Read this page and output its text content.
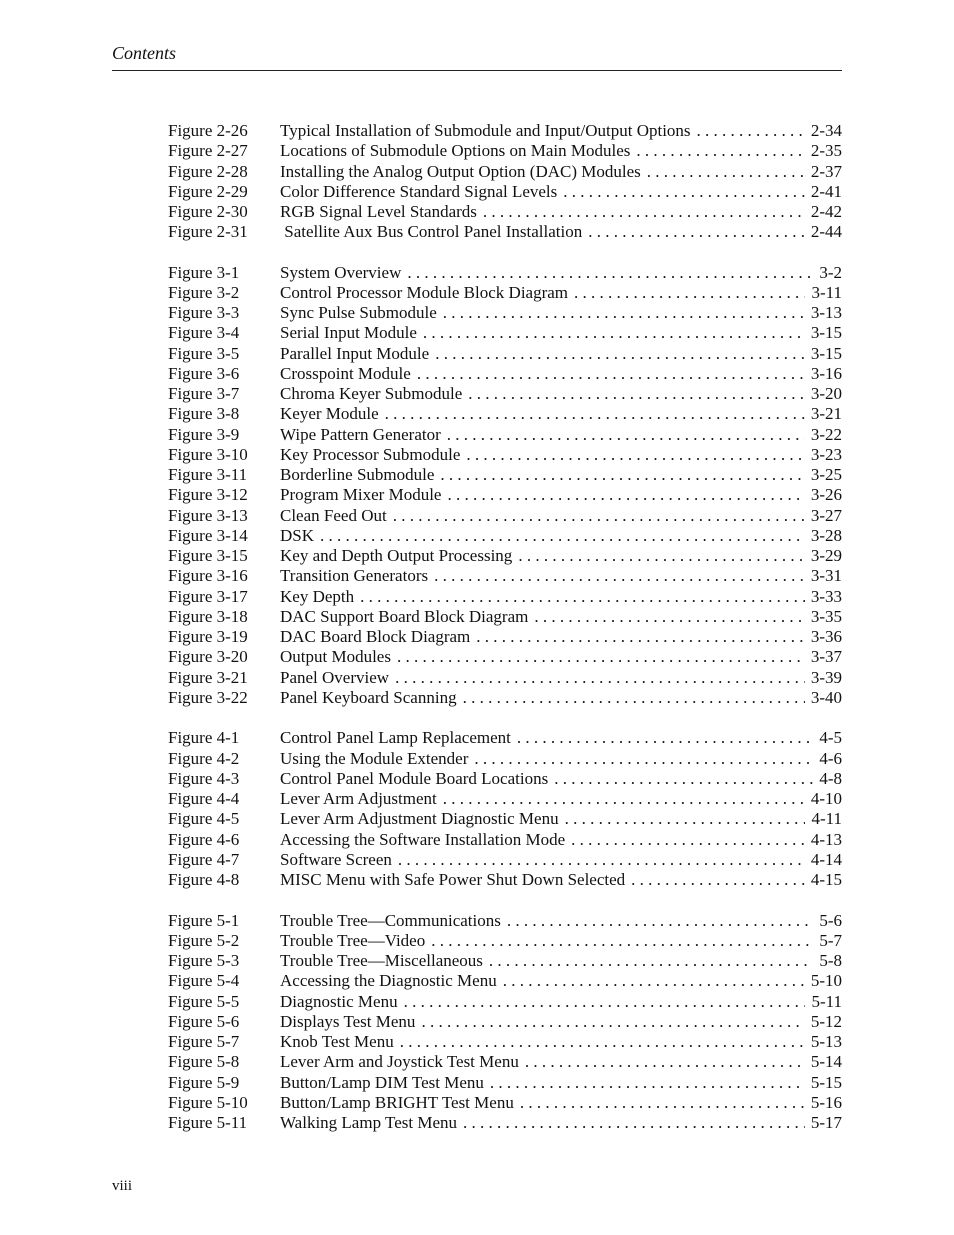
Contents
Figure 2-26	Typical Installation of Submodule and Input/Output Options . . .	2-34
Figure 2-27	Locations of Submodule Options on Main Modules . . .	2-35
Figure 2-28	Installing the Analog Output Option (DAC) Modules . . .	2-37
Figure 2-29	Color Difference Standard Signal Levels . . .	2-41
Figure 2-30	RGB Signal Level Standards . . .	2-42
Figure 2-31	Satellite Aux Bus Control Panel Installation . . .	2-44
Figure 3-1	System Overview . . .	3-2
Figure 3-2	Control Processor Module Block Diagram . . .	3-11
Figure 3-3	Sync Pulse Submodule . . .	3-13
Figure 3-4	Serial Input Module . . .	3-15
Figure 3-5	Parallel Input Module . . .	3-15
Figure 3-6	Crosspoint Module . . .	3-16
Figure 3-7	Chroma Keyer Submodule . . .	3-20
Figure 3-8	Keyer Module . . .	3-21
Figure 3-9	Wipe Pattern Generator . . .	3-22
Figure 3-10	Key Processor Submodule . . .	3-23
Figure 3-11	Borderline Submodule . . .	3-25
Figure 3-12	Program Mixer Module . . .	3-26
Figure 3-13	Clean Feed Out . . .	3-27
Figure 3-14	DSK . . .	3-28
Figure 3-15	Key and Depth Output Processing . . .	3-29
Figure 3-16	Transition Generators . . .	3-31
Figure 3-17	Key Depth . . .	3-33
Figure 3-18	DAC Support Board Block Diagram . . .	3-35
Figure 3-19	DAC Board Block Diagram . . .	3-36
Figure 3-20	Output Modules . . .	3-37
Figure 3-21	Panel Overview . . .	3-39
Figure 3-22	Panel Keyboard Scanning . . .	3-40
Figure 4-1	Control Panel Lamp Replacement . . .	4-5
Figure 4-2	Using the Module Extender . . .	4-6
Figure 4-3	Control Panel Module Board Locations . . .	4-8
Figure 4-4	Lever Arm Adjustment . . .	4-10
Figure 4-5	Lever Arm Adjustment Diagnostic Menu . . .	4-11
Figure 4-6	Accessing the Software Installation Mode . . .	4-13
Figure 4-7	Software Screen . . .	4-14
Figure 4-8	MISC Menu with Safe Power Shut Down Selected . . .	4-15
Figure 5-1	Trouble Tree—Communications . . .	5-6
Figure 5-2	Trouble Tree—Video . . .	5-7
Figure 5-3	Trouble Tree—Miscellaneous . . .	5-8
Figure 5-4	Accessing the Diagnostic Menu . . .	5-10
Figure 5-5	Diagnostic Menu . . .	5-11
Figure 5-6	Displays Test Menu . . .	5-12
Figure 5-7	Knob Test Menu . . .	5-13
Figure 5-8	Lever Arm and Joystick Test Menu . . .	5-14
Figure 5-9	Button/Lamp DIM Test Menu . . .	5-15
Figure 5-10	Button/Lamp BRIGHT Test Menu . . .	5-16
Figure 5-11	Walking Lamp Test Menu . . .	5-17
viii
